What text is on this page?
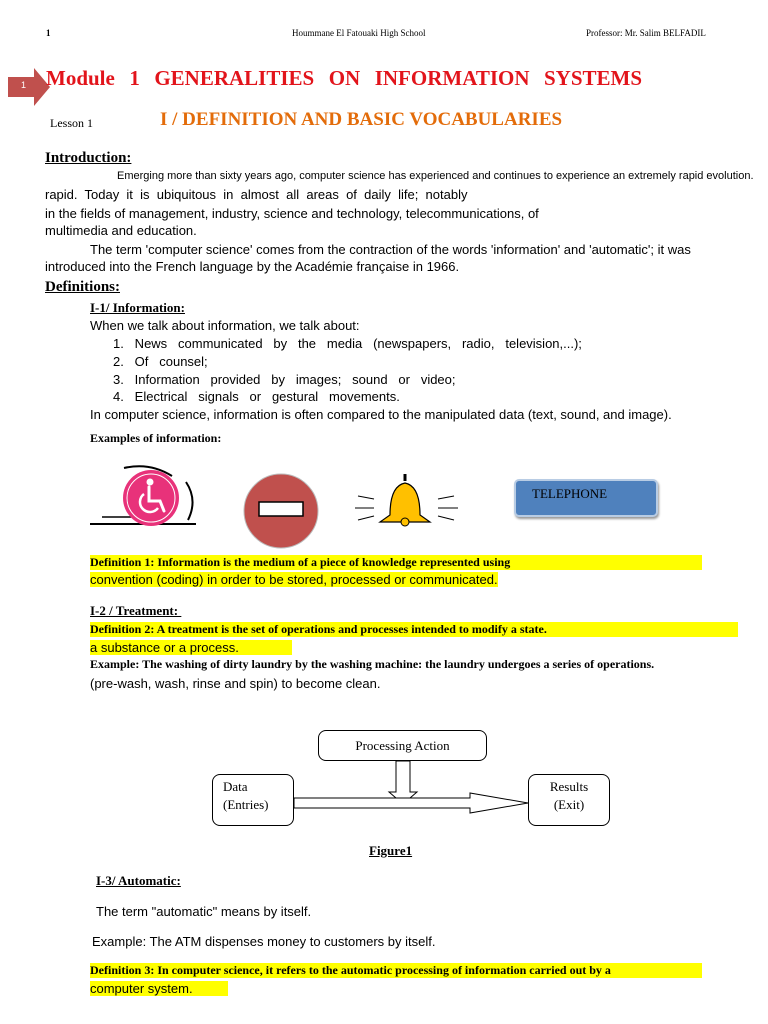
1	Hoummane El Fatouaki High School	Professor: Mr. Salim BELFADIL
1 Module  1  GENERALITIES  ON  INFORMATION  SYSTEMS
Lesson 1	I / DEFINITION AND BASIC VOCABULARIES
Introduction:
Emerging more than sixty years ago, computer science has experienced and continues to experience an extremely rapid evolution.
rapid.  Today  it  is  ubiquitous  in  almost  all  areas  of  daily  life;  notably
in the fields of management, industry, science and technology, telecommunications, of
multimedia and education.
The term 'computer science' comes from the contraction of the words 'information' and 'automatic'; it was
introduced into the French language by the Académie française in 1966.
Definitions:
I-1/ Information:
When we talk about information, we talk about:
1.   News   communicated   by   the   media   (newspapers,   radio,   television,...);
2.   Of   counsel;
3.   Information   provided   by   images;   sound   or   video;
4.   Electrical   signals   or   gestural   movements.
In computer science, information is often compared to the manipulated data (text, sound, and image).
Examples of information:
TELEPHONE
Definition 1: Information is the medium of a piece of knowledge represented using
convention (coding) in order to be stored, processed or communicated.
I-2 / Treatment:
Definition 2: A treatment is the set of operations and processes intended to modify a state.
a substance or a process.
Example: The washing of dirty laundry by the washing machine: the laundry undergoes a series of operations.
(pre-wash, wash, rinse and spin) to become clean.
Processing Action
Data
(Entries)
Results
(Exit)
Figure1
I-3/ Automatic:
The term "automatic" means by itself.
Example: The ATM dispenses money to customers by itself.
Definition 3: In computer science, it refers to the automatic processing of information carried out by a
computer system.
